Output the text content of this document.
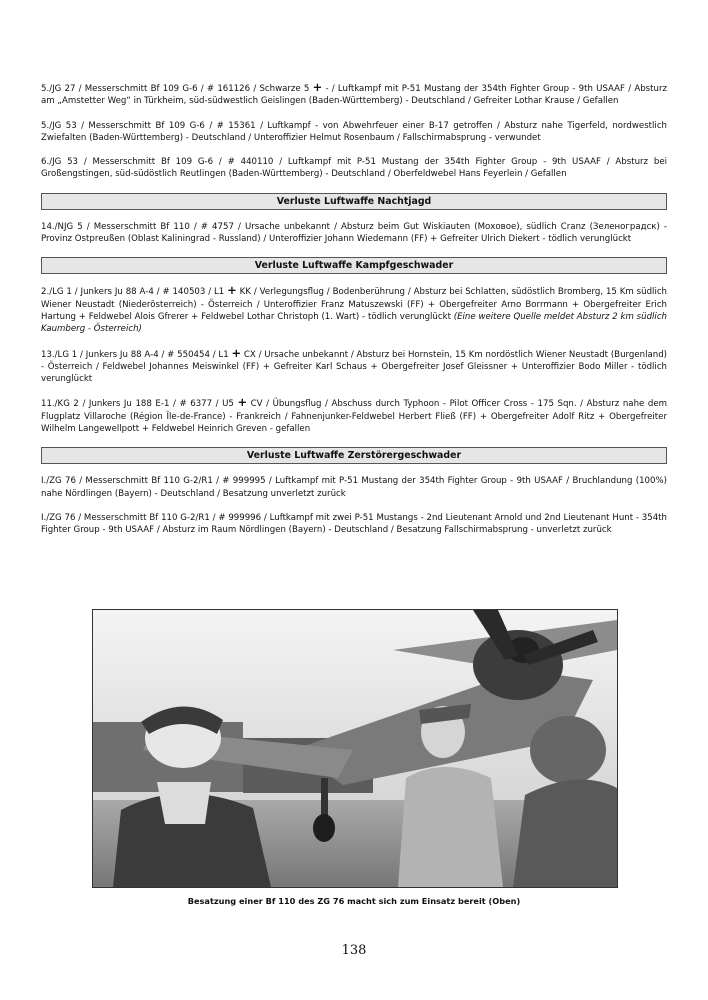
5./JG 27 / Messerschmitt Bf 109 G-6 / # 161126 / Schwarze 5 + - / Luftkampf mit P-51 Mustang der 354th Fighter Group - 9th USAAF / Absturz am „Amstetter Weg“ in Türkheim, süd-südwestlich Geislingen (Baden-Württemberg) - Deutschland / Gefreiter Lothar Krause / Gefallen

5./JG 53 / Messerschmitt Bf 109 G-6 / # 15361 / Luftkampf - von Abwehrfeuer einer B-17 getroffen / Absturz nahe Tigerfeld, nordwestlich Zwiefalten (Baden-Württemberg) - Deutschland / Unteroffizier Helmut Rosenbaum / Fallschirmabsprung - verwundet

6./JG 53 / Messerschmitt Bf 109 G-6 / # 440110 / Luftkampf mit P-51 Mustang der 354th Fighter Group - 9th USAAF / Absturz bei Großengstingen, süd-südöstlich Reutlingen (Baden-Württemberg) - Deutschland / Oberfeldwebel Hans Feyerlein / Gefallen

Verluste Luftwaffe Nachtjagd

14./NJG 5 / Messerschmitt Bf 110 / # 4757 / Ursache unbekannt / Absturz beim Gut Wiskiauten (Моховое), südlich Cranz (Зеленоградск) - Provinz Ostpreußen (Oblast Kaliningrad - Russland) / Unteroffizier Johann Wiedemann (FF) + Gefreiter Ulrich Diekert - tödlich verunglückt

Verluste Luftwaffe Kampfgeschwader

2./LG 1 / Junkers Ju 88 A-4 / # 140503 / L1 + KK / Verlegungsflug / Bodenberührung / Absturz bei Schlatten, südöstlich Bromberg, 15 Km südlich Wiener Neustadt (Niederösterreich) - Österreich / Unteroffizier Franz Matuszewski (FF) + Obergefreiter Arno Borrmann + Obergefreiter Erich Hartung + Feldwebel Alois Gfrerer + Feldwebel Lothar Christoph (1. Wart) - tödlich verunglückt (Eine weitere Quelle meldet Absturz 2 km südlich Kaumberg - Österreich)

13./LG 1 / Junkers Ju 88 A-4 / # 550454 / L1 + CX / Ursache unbekannt / Absturz bei Hornstein, 15 Km nordöstlich Wiener Neustadt (Burgenland) - Österreich / Feldwebel Johannes Meiswinkel (FF) + Gefreiter Karl Schaus + Obergefreiter Josef Gleissner + Unteroffizier Bodo Miller - tödlich verunglückt

11./KG 2 / Junkers Ju 188 E-1 / # 6377 / U5 + CV / Übungsflug / Abschuss durch Typhoon - Pilot Officer Cross - 175 Sqn. / Absturz nahe dem Flugplatz Villaroche (Région Île-de-France) - Frankreich / Fahnenjunker-Feldwebel Herbert Fließ (FF) + Obergefreiter Adolf Ritz + Obergefreiter Wilhelm Langewellpott + Feldwebel Heinrich Greven - gefallen

Verluste Luftwaffe Zerstörergeschwader

I./ZG 76 / Messerschmitt Bf 110 G-2/R1 / # 999995 / Luftkampf mit P-51 Mustang der 354th Fighter Group - 9th USAAF / Bruchlandung (100%) nahe Nördlingen (Bayern) - Deutschland / Besatzung unverletzt zurück

I./ZG 76 / Messerschmitt Bf 110 G-2/R1 / # 999996 / Luftkampf mit zwei P-51 Mustangs - 2nd Lieutenant Arnold und 2nd Lieutenant Hunt - 354th Fighter Group - 9th USAAF / Absturz im Raum Nördlingen (Bayern) - Deutschland / Besatzung Fallschirmabsprung - unverletzt zurück

Besatzung einer Bf 110 des ZG 76 macht sich zum Einsatz bereit (Oben)
138
